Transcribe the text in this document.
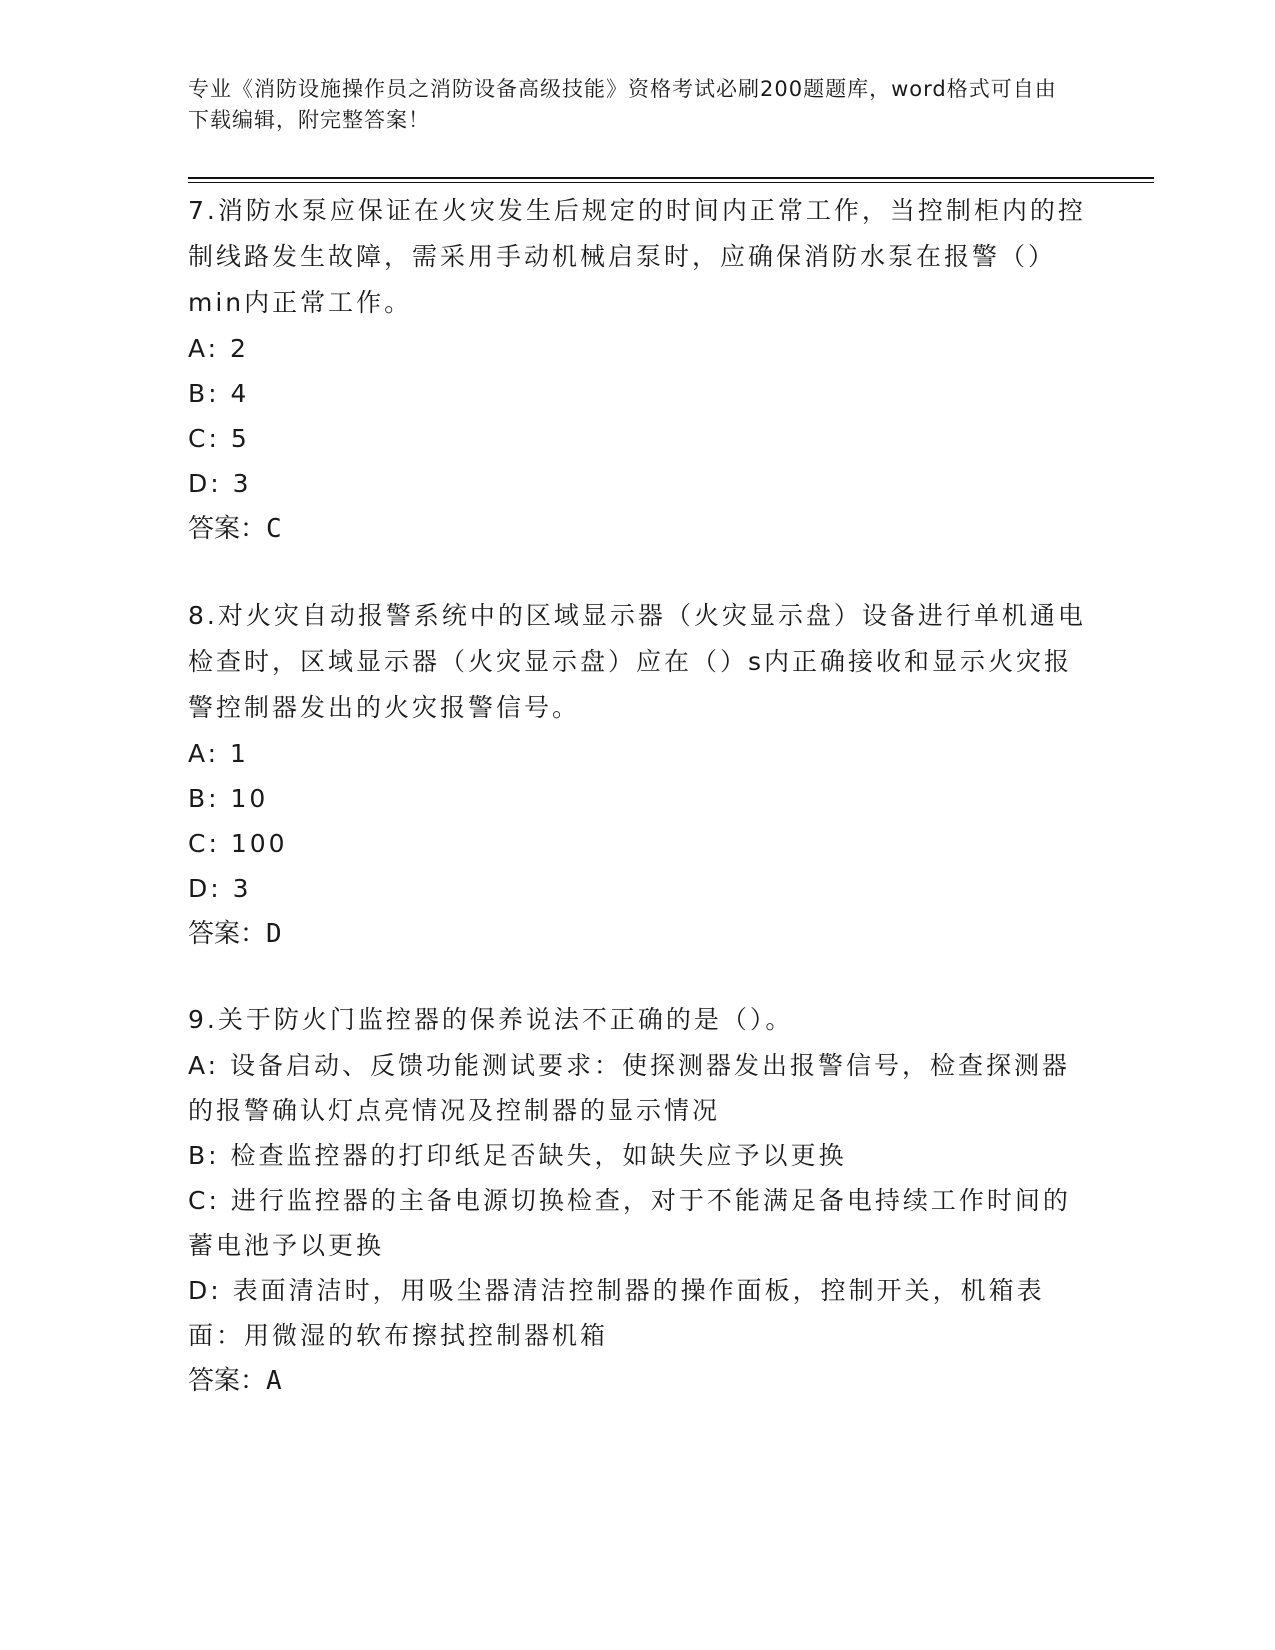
专业《消防设施操作员之消防设备高级技能》资格考试必刷200题题库，word格式可自由下载编辑，附完整答案！

7.消防水泵应保证在火灾发生后规定的时间内正常工作，当控制柜内的控制线路发生故障，需采用手动机械启泵时，应确保消防水泵在报警（）min内正常工作。

A: 2

B: 4

C: 5

D: 3

答案：C

8.对火灾自动报警系统中的区域显示器（火灾显示盘）设备进行单机通电检查时，区域显示器（火灾显示盘）应在（）s内正确接收和显示火灾报警控制器发出的火灾报警信号。

A: 1

B: 10

C: 100

D: 3

答案：D

9.关于防火门监控器的保养说法不正确的是（）。

A: 设备启动、反馈功能测试要求：使探测器发出报警信号，检查探测器的报警确认灯点亮情况及控制器的显示情况

B: 检查监控器的打印纸足否缺失，如缺失应予以更换

C: 进行监控器的主备电源切换检查，对于不能满足备电持续工作时间的蓄电池予以更换

D: 表面清洁时，用吸尘器清洁控制器的操作面板，控制开关，机箱表面：用微湿的软布擦拭控制器机箱

答案：A
